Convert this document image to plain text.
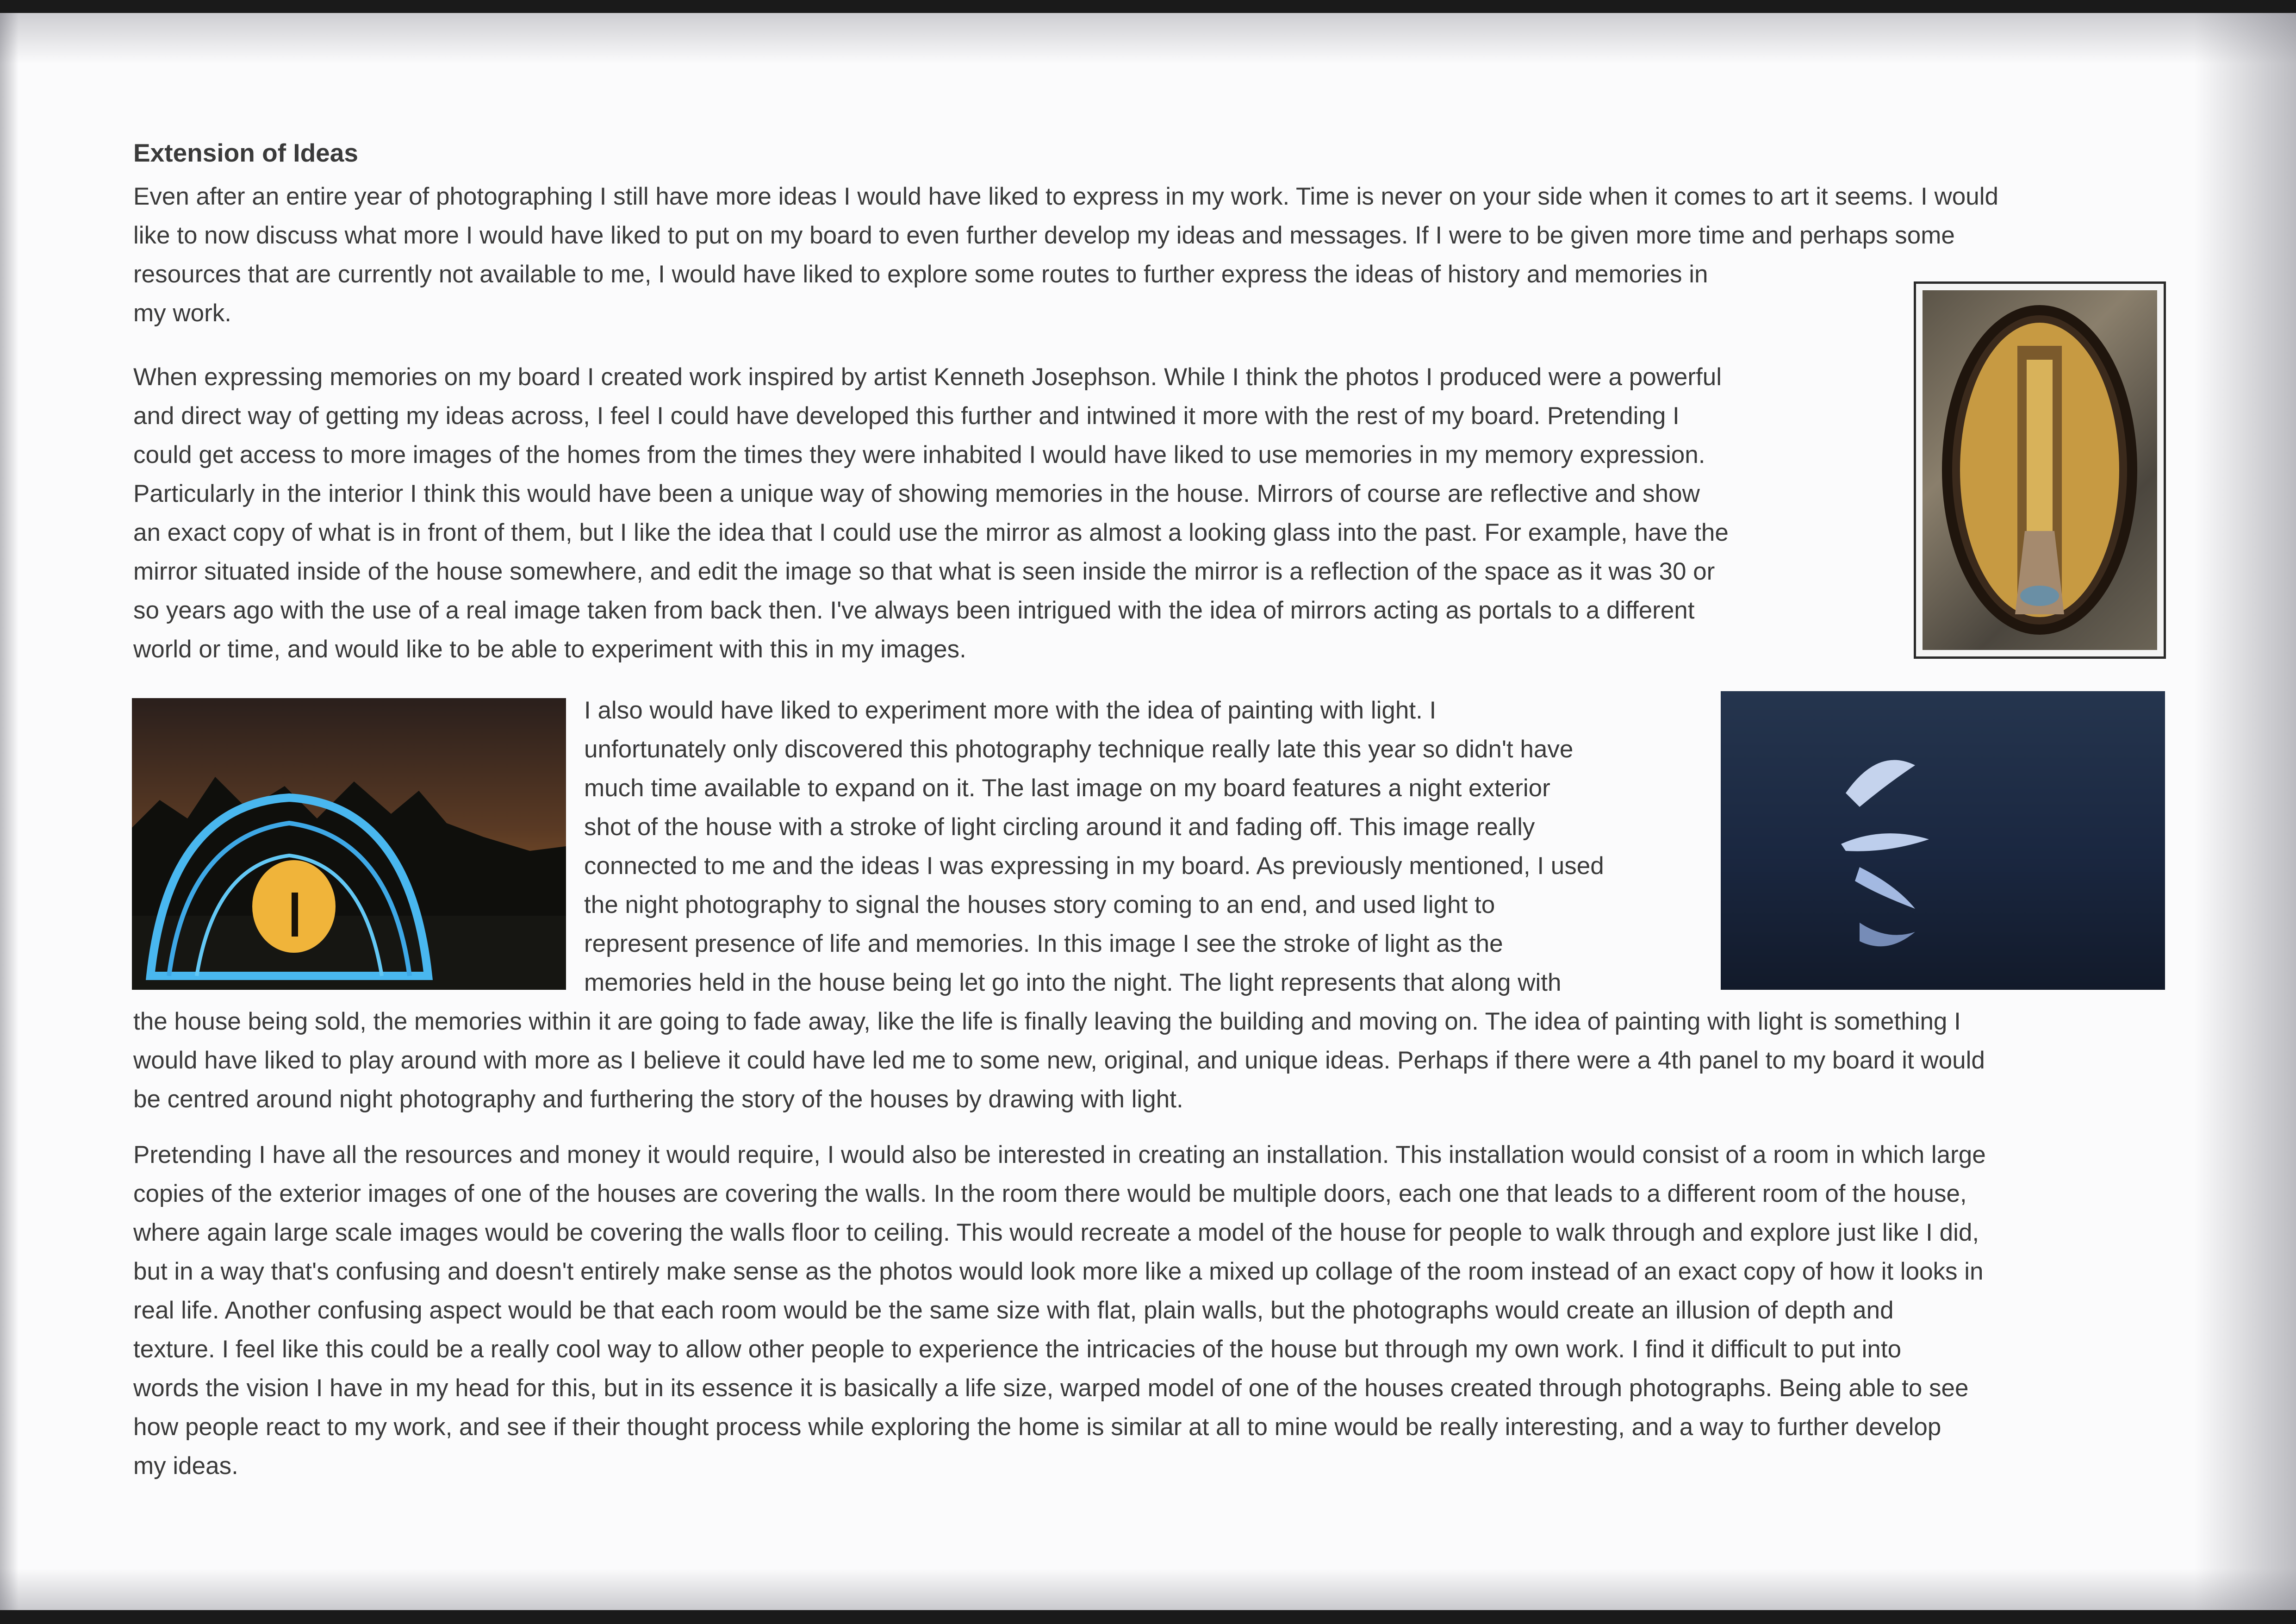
Extension of Ideas

Even after an entire year of photographing I still have more ideas I would have liked to express in my work. Time is never on your side when it comes to art it seems. I would
like to now discuss what more I would have liked to put on my board to even further develop my ideas and messages. If I were to be given more time and perhaps some
resources that are currently not available to me, I would have liked to explore some routes to further express the ideas of history and memories in
my work.

When expressing memories on my board I created work inspired by artist Kenneth Josephson. While I think the photos I produced were a powerful
and direct way of getting my ideas across, I feel I could have developed this further and intwined it more with the rest of my board. Pretending I
could get access to more images of the homes from the times they were inhabited I would have liked to use memories in my memory expression.
Particularly in the interior I think this would have been a unique way of showing memories in the house. Mirrors of course are reflective and show
an exact copy of what is in front of them, but I like the idea that I could use the mirror as almost a looking glass into the past. For example, have the
mirror situated inside of the house somewhere, and edit the image so that what is seen inside the mirror is a reflection of the space as it was 30 or
so years ago with the use of a real image taken from back then. I've always been intrigued with the idea of mirrors acting as portals to a different
world or time, and would like to be able to experiment with this in my images.

I also would have liked to experiment more with the idea of painting with light. I
unfortunately only discovered this photography technique really late this year so didn't have
much time available to expand on it. The last image on my board features a night exterior
shot of the house with a stroke of light circling around it and fading off. This image really
connected to me and the ideas I was expressing in my board. As previously mentioned, I used
the night photography to signal the houses story coming to an end, and used light to
represent presence of life and memories. In this image I see the stroke of light as the
memories held in the house being let go into the night. The light represents that along with

the house being sold, the memories within it are going to fade away, like the life is finally leaving the building and moving on. The idea of painting with light is something I
would have liked to play around with more as I believe it could have led me to some new, original, and unique ideas. Perhaps if there were a 4th panel to my board it would
be centred around night photography and furthering the story of the houses by drawing with light.

Pretending I have all the resources and money it would require, I would also be interested in creating an installation. This installation would consist of a room in which large
copies of the exterior images of one of the houses are covering the walls. In the room there would be multiple doors, each one that leads to a different room of the house,
where again large scale images would be covering the walls floor to ceiling. This would recreate a model of the house for people to walk through and explore just like I did,
but in a way that's confusing and doesn't entirely make sense as the photos would look more like a mixed up collage of the room instead of an exact copy of how it looks in
real life. Another confusing aspect would be that each room would be the same size with flat, plain walls, but the photographs would create an illusion of depth and
texture. I feel like this could be a really cool way to allow other people to experience the intricacies of the house but through my own work. I find it difficult to put into
words the vision I have in my head for this, but in its essence it is basically a life size, warped model of one of the houses created through photographs. Being able to see
how people react to my work, and see if their thought process while exploring the home is similar at all to mine would be really interesting, and a way to further develop
my ideas.
